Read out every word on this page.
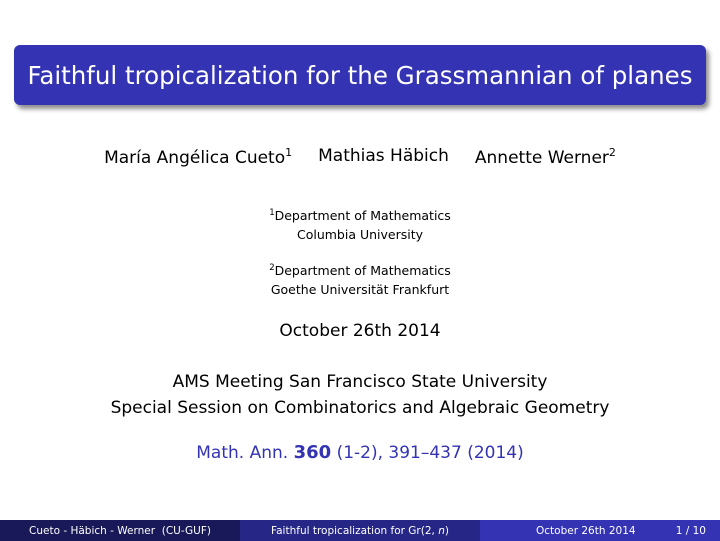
Faithful tropicalization for the Grassmannian of planes
María Angélica Cueto$^1$ Mathias Häbich Annette Werner$^2$
$^1$Department of Mathematics
Columbia University
$^2$Department of Mathematics
Goethe Universität Frankfurt
October 26th 2014
AMS Meeting San Francisco State University
Special Session on Combinatorics and Algebraic Geometry
Math. Ann. 360 (1-2), 391–437 (2014)
Cueto - Häbich - Werner  (CU-GUF)	Faithful tropicalization for Gr(2, n )	October 26th 2014	1 / 10
